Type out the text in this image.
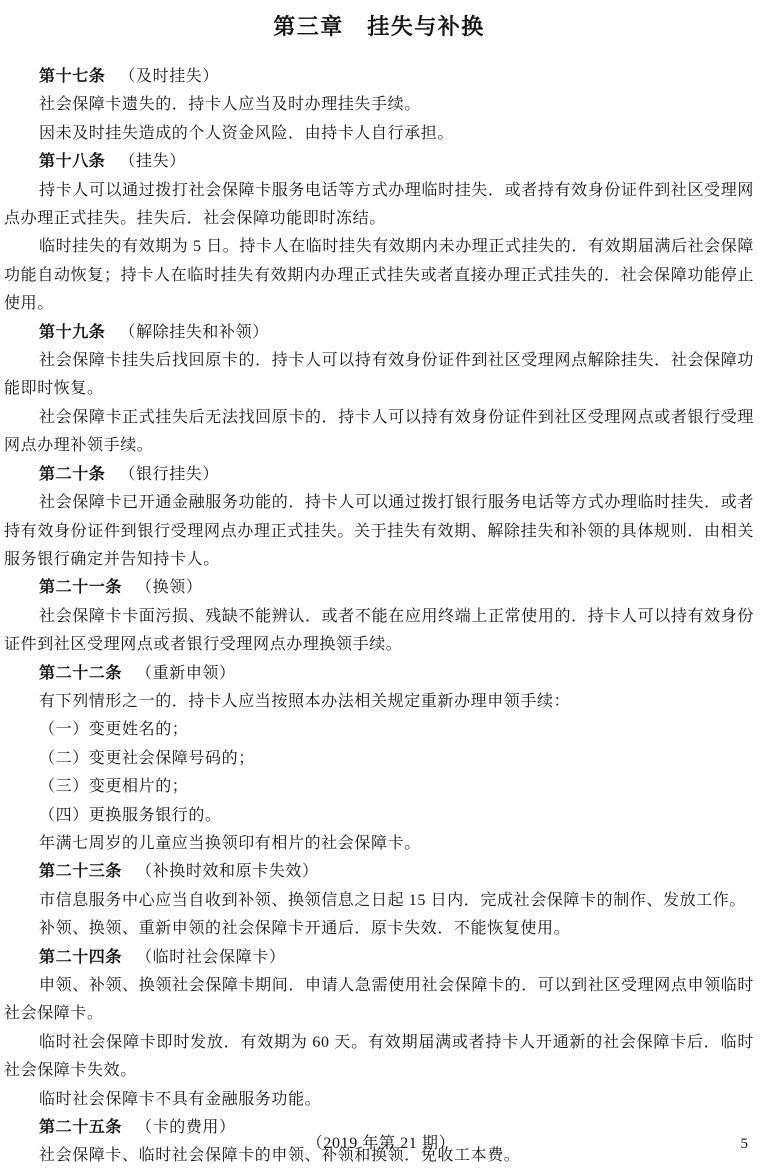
第三章　挂失与补换

第十七条 （及时挂失）

社会保障卡遗失的．持卡人应当及时办理挂失手续。

因未及时挂失造成的个人资金风险．由持卡人自行承担。

第十八条 （挂失）

持卡人可以通过拨打社会保障卡服务电话等方式办理临时挂失．或者持有效身份证件到社区受理网点办理正式挂失。挂失后．社会保障功能即时冻结。

临时挂失的有效期为 5 日。持卡人在临时挂失有效期内未办理正式挂失的．有效期届满后社会保障功能自动恢复；持卡人在临时挂失有效期内办理正式挂失或者直接办理正式挂失的．社会保障功能停止使用。

第十九条 （解除挂失和补领）

社会保障卡挂失后找回原卡的．持卡人可以持有效身份证件到社区受理网点解除挂失．社会保障功能即时恢复。

社会保障卡正式挂失后无法找回原卡的．持卡人可以持有效身份证件到社区受理网点或者银行受理网点办理补领手续。

第二十条 （银行挂失）

社会保障卡已开通金融服务功能的．持卡人可以通过拨打银行服务电话等方式办理临时挂失．或者持有效身份证件到银行受理网点办理正式挂失。关于挂失有效期、解除挂失和补领的具体规则．由相关服务银行确定并告知持卡人。

第二十一条 （换领）

社会保障卡卡面污损、残缺不能辨认．或者不能在应用终端上正常使用的．持卡人可以持有效身份证件到社区受理网点或者银行受理网点办理换领手续。

第二十二条 （重新申领）

有下列情形之一的．持卡人应当按照本办法相关规定重新办理申领手续：

（一）变更姓名的；

（二）变更社会保障号码的；

（三）变更相片的；

（四）更换服务银行的。

年满七周岁的儿童应当换领印有相片的社会保障卡。

第二十三条 （补换时效和原卡失效）

市信息服务中心应当自收到补领、换领信息之日起 15 日内．完成社会保障卡的制作、发放工作。

补领、换领、重新申领的社会保障卡开通后．原卡失效．不能恢复使用。

第二十四条 （临时社会保障卡）

申领、补领、换领社会保障卡期间．申请人急需使用社会保障卡的．可以到社区受理网点申领临时社会保障卡。

临时社会保障卡即时发放．有效期为 60 天。有效期届满或者持卡人开通新的社会保障卡后．临时社会保障卡失效。

临时社会保障卡不具有金融服务功能。

第二十五条 （卡的费用）

社会保障卡、临时社会保障卡的申领、补领和换领．免收工本费。

（2019 年第 21 期）	5
